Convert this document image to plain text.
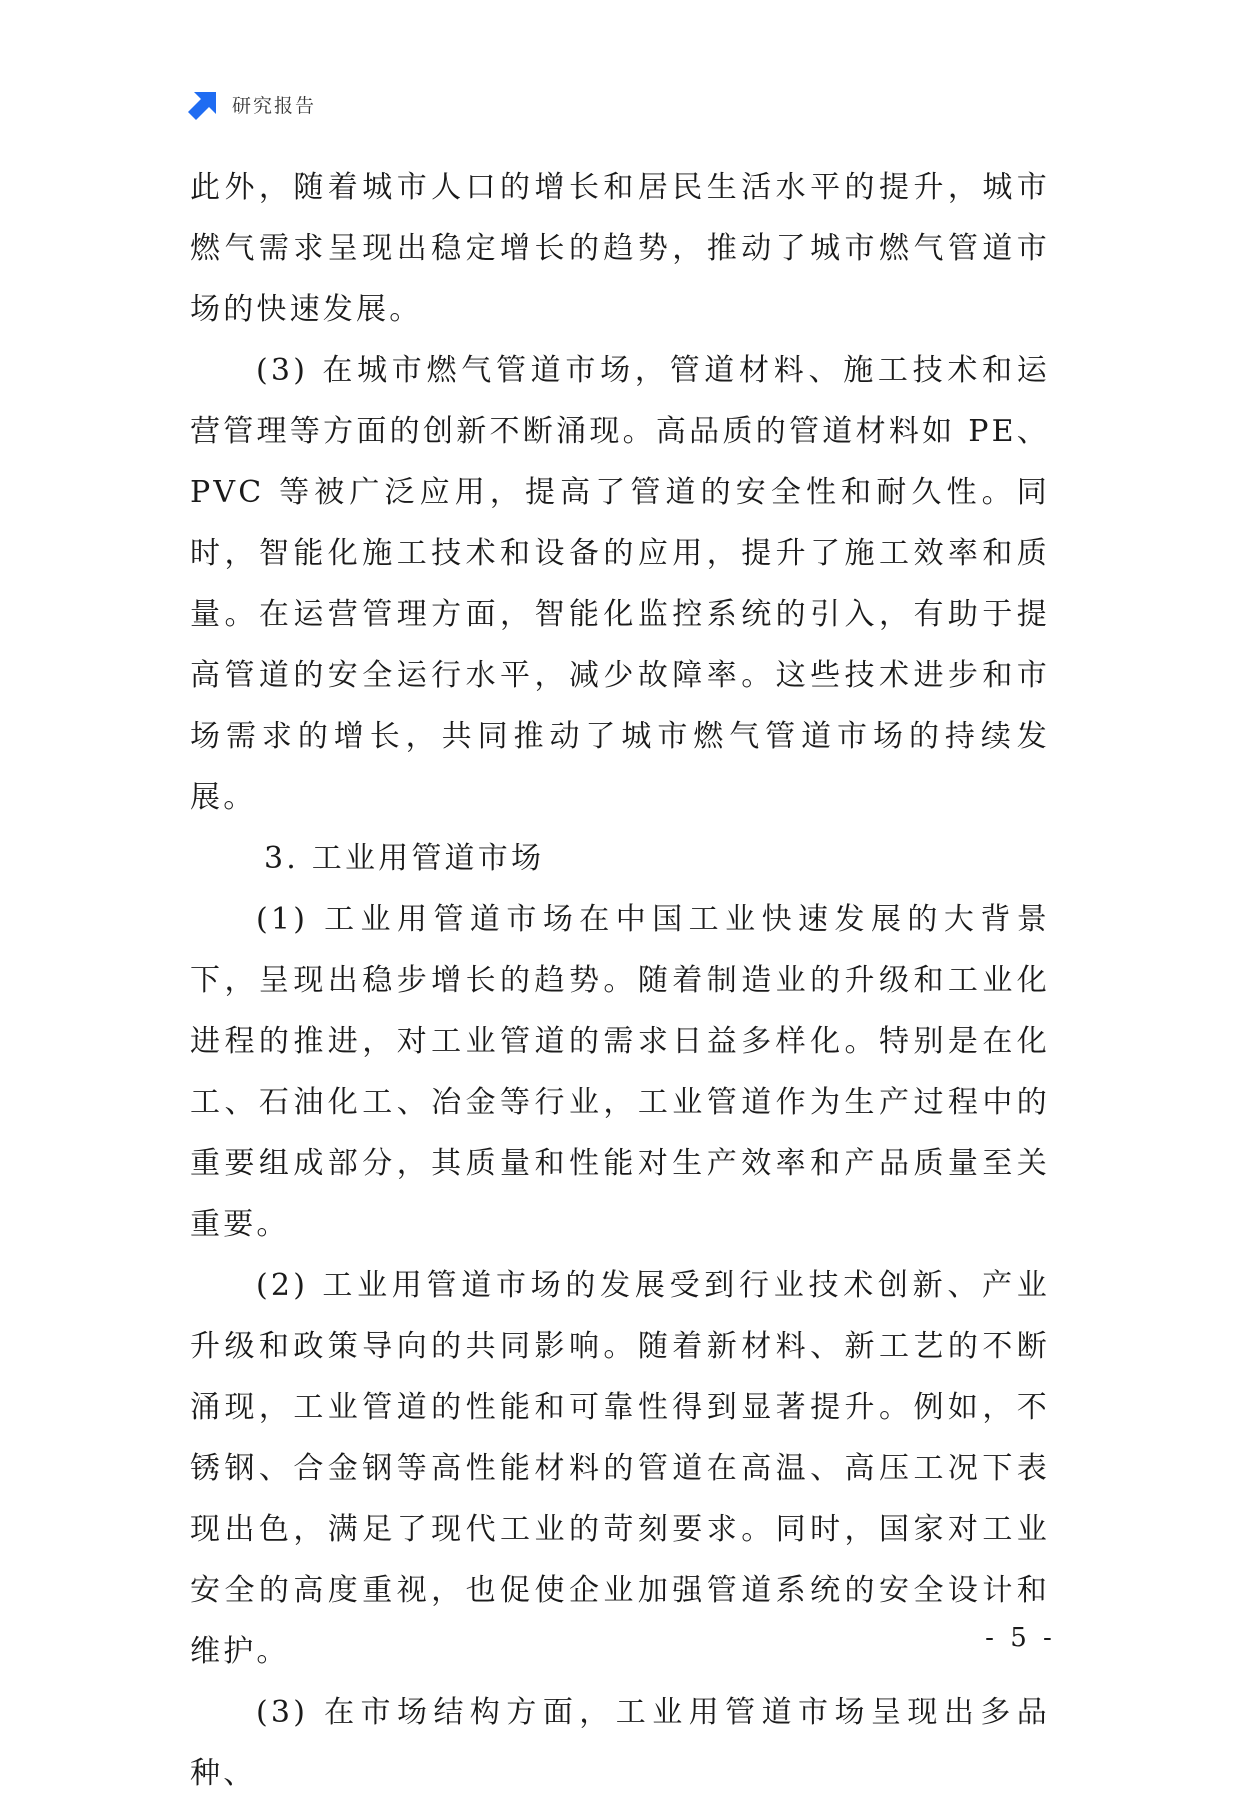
研究报告

此外，随着城市人口的增长和居民生活水平的提升，城市燃气需求呈现出稳定增长的趋势，推动了城市燃气管道市场的快速发展。

(3) 在城市燃气管道市场，管道材料、施工技术和运营管理等方面的创新不断涌现。高品质的管道材料如 PE、PVC 等被广泛应用，提高了管道的安全性和耐久性。同时，智能化施工技术和设备的应用，提升了施工效率和质量。在运营管理方面，智能化监控系统的引入，有助于提高管道的安全运行水平，减少故障率。这些技术进步和市场需求的增长，共同推动了城市燃气管道市场的持续发展。

3. 工业用管道市场

(1) 工业用管道市场在中国工业快速发展的大背景下，呈现出稳步增长的趋势。随着制造业的升级和工业化进程的推进，对工业管道的需求日益多样化。特别是在化工、石油化工、冶金等行业，工业管道作为生产过程中的重要组成部分，其质量和性能对生产效率和产品质量至关重要。

(2) 工业用管道市场的发展受到行业技术创新、产业升级和政策导向的共同影响。随着新材料、新工艺的不断涌现，工业管道的性能和可靠性得到显著提升。例如，不锈钢、合金钢等高性能材料的管道在高温、高压工况下表现出色，满足了现代工业的苛刻要求。同时，国家对工业安全的高度重视，也促使企业加强管道系统的安全设计和维护。

(3) 在市场结构方面，工业用管道市场呈现出多品种、

- 5 -
